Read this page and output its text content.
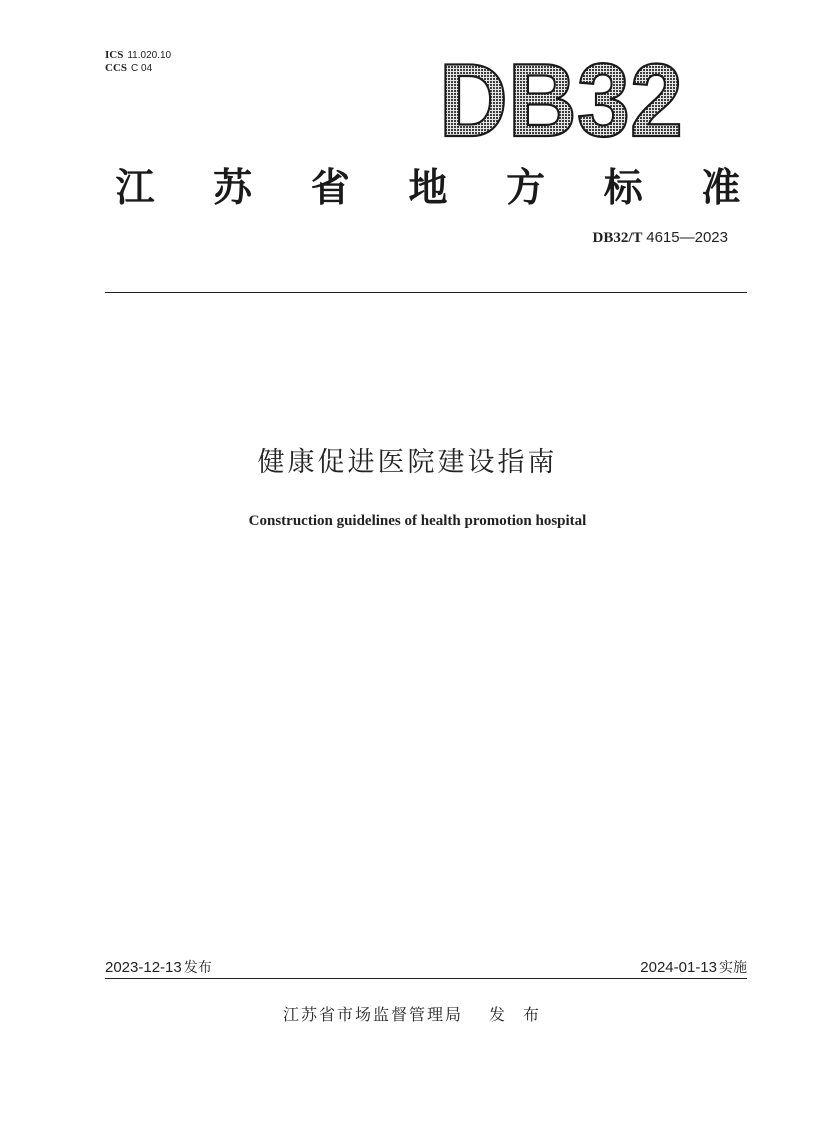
ICS 11.020.10
CCS C 04	DB32
江 苏 省 地 方 标 准
DB32/T 4615—2023
健康促进医院建设指南
Construction guidelines of health promotion hospital
2023-12-13 发布	2024-01-13 实施
江苏省市场监督管理局 发布
